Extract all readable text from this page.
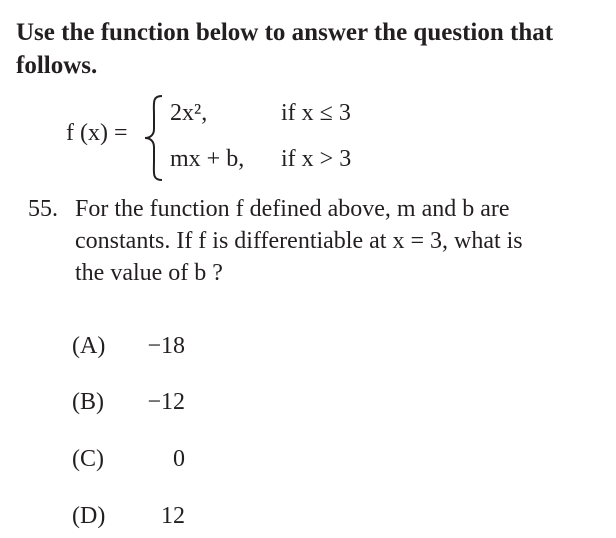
Use the function below to answer the question that follows.
f (x) =
2x²,	if x ≤ 3
mx + b, if x > 3
55. For the function f defined above, m and b are
constants. If f is differentiable at x = 3, what is
the value of b ?
(A)	−18
(B)	−12
(C)	0
(D)	12
